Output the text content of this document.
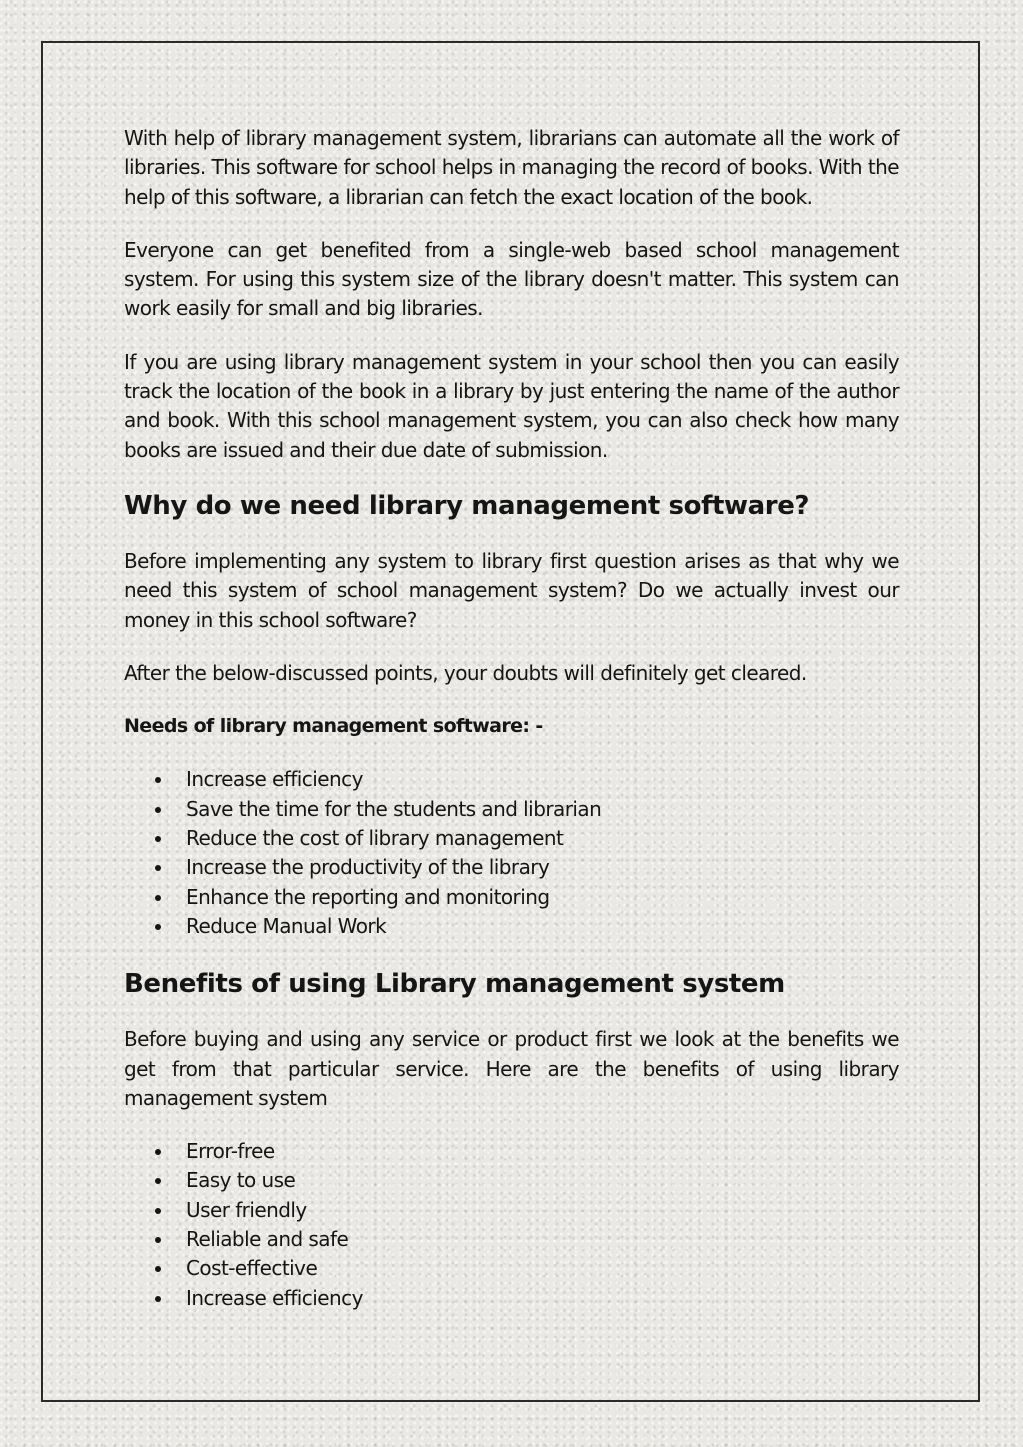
With help of library management system, librarians can automate all the work of libraries. This software for school helps in managing the record of books. With the help of this software, a librarian can fetch the exact location of the book.

Everyone can get benefited from a single-web based school management system. For using this system size of the library doesn't matter. This system can work easily for small and big libraries.

If you are using library management system in your school then you can easily track the location of the book in a library by just entering the name of the author and book. With this school management system, you can also check how many books are issued and their due date of submission.

Why do we need library management software?

Before implementing any system to library first question arises as that why we need this system of school management system? Do we actually invest our money in this school software?

After the below-discussed points, your doubts will definitely get cleared.

Needs of library management software: -

Increase efficiency
Save the time for the students and librarian
Reduce the cost of library management
Increase the productivity of the library
Enhance the reporting and monitoring
Reduce Manual Work
Benefits of using Library management system

Before buying and using any service or product first we look at the benefits we get from that particular service. Here are the benefits of using library management system

Error-free
Easy to use
User friendly
Reliable and safe
Cost-effective
Increase efficiency
